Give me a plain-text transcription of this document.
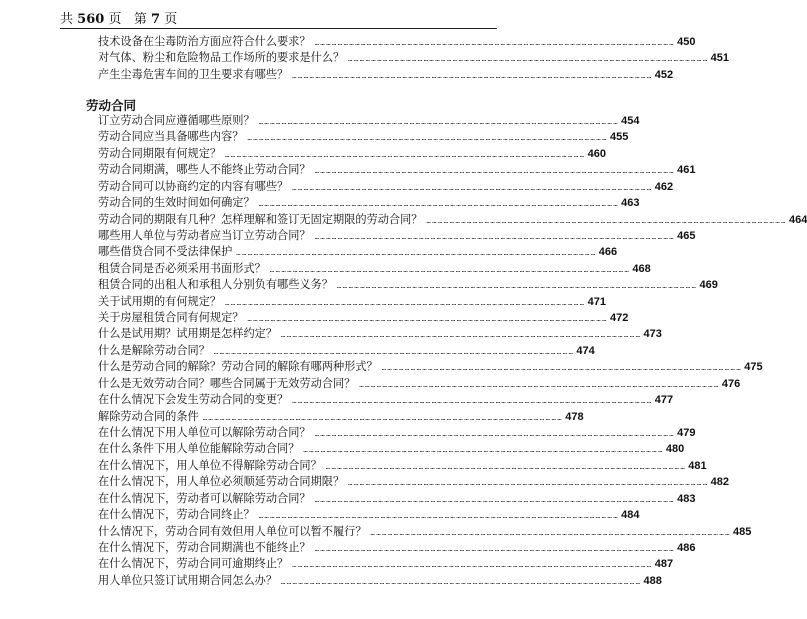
共 560 页 第 7 页
技术设备在尘毒防治方面应符合什么要求？ …………………………………………………………………………………………………………………………………………………………………… 450
对气体、粉尘和危险物品工作场所的要求是什么？ …………………………………………………………………………………………………………………………………………………………………… 451
产生尘毒危害车间的卫生要求有哪些？ …………………………………………………………………………………………………………………………………………………………………… 452
劳动合同
订立劳动合同应遵循哪些原则？ …………………………………………………………………………………………………………………………………………………………………… 454
劳动合同应当具备哪些内容？ …………………………………………………………………………………………………………………………………………………………………… 455
劳动合同期限有何规定？ …………………………………………………………………………………………………………………………………………………………………… 460
劳动合同期满，哪些人不能终止劳动合同？ …………………………………………………………………………………………………………………………………………………………………… 461
劳动合同可以协商约定的内容有哪些？ …………………………………………………………………………………………………………………………………………………………………… 462
劳动合同的生效时间如何确定？ …………………………………………………………………………………………………………………………………………………………………… 463
劳动合同的期限有几种？怎样理解和签订无固定期限的劳动合同？ …………………………………………………………………………………………………………………………………………………………………… 464
哪些用人单位与劳动者应当订立劳动合同？ …………………………………………………………………………………………………………………………………………………………………… 465
哪些借贷合同不受法律保护 …………………………………………………………………………………………………………………………………………………………………… 466
租赁合同是否必须采用书面形式？ …………………………………………………………………………………………………………………………………………………………………… 468
租赁合同的出租人和承租人分别负有哪些义务？ …………………………………………………………………………………………………………………………………………………………………… 469
关于试用期的有何规定？ …………………………………………………………………………………………………………………………………………………………………… 471
关于房屋租赁合同有何规定？ …………………………………………………………………………………………………………………………………………………………………… 472
什么是试用期？试用期是怎样约定？ …………………………………………………………………………………………………………………………………………………………………… 473
什么是解除劳动合同？ …………………………………………………………………………………………………………………………………………………………………… 474
什么是劳动合同的解除？劳动合同的解除有哪两种形式？ …………………………………………………………………………………………………………………………………………………………………… 475
什么是无效劳动合同？哪些合同属于无效劳动合同？ …………………………………………………………………………………………………………………………………………………………………… 476
在什么情况下会发生劳动合同的变更？ …………………………………………………………………………………………………………………………………………………………………… 477
解除劳动合同的条件 …………………………………………………………………………………………………………………………………………………………………… 478
在什么情况下用人单位可以解除劳动合同？ …………………………………………………………………………………………………………………………………………………………………… 479
在什么条件下用人单位能解除劳动合同？ …………………………………………………………………………………………………………………………………………………………………… 480
在什么情况下，用人单位不得解除劳动合同？ …………………………………………………………………………………………………………………………………………………………………… 481
在什么情况下，用人单位必须顺延劳动合同期限？ …………………………………………………………………………………………………………………………………………………………………… 482
在什么情况下，劳动者可以解除劳动合同？ …………………………………………………………………………………………………………………………………………………………………… 483
在什么情况下，劳动合同终止？ …………………………………………………………………………………………………………………………………………………………………… 484
什么情况下，劳动合同有效但用人单位可以暂不履行？ …………………………………………………………………………………………………………………………………………………………………… 485
在什么情况下，劳动合同期满也不能终止？ …………………………………………………………………………………………………………………………………………………………………… 486
在什么情况下，劳动合同可逾期终止？ …………………………………………………………………………………………………………………………………………………………………… 487
用人单位只签订试用期合同怎么办？ …………………………………………………………………………………………………………………………………………………………………… 488
